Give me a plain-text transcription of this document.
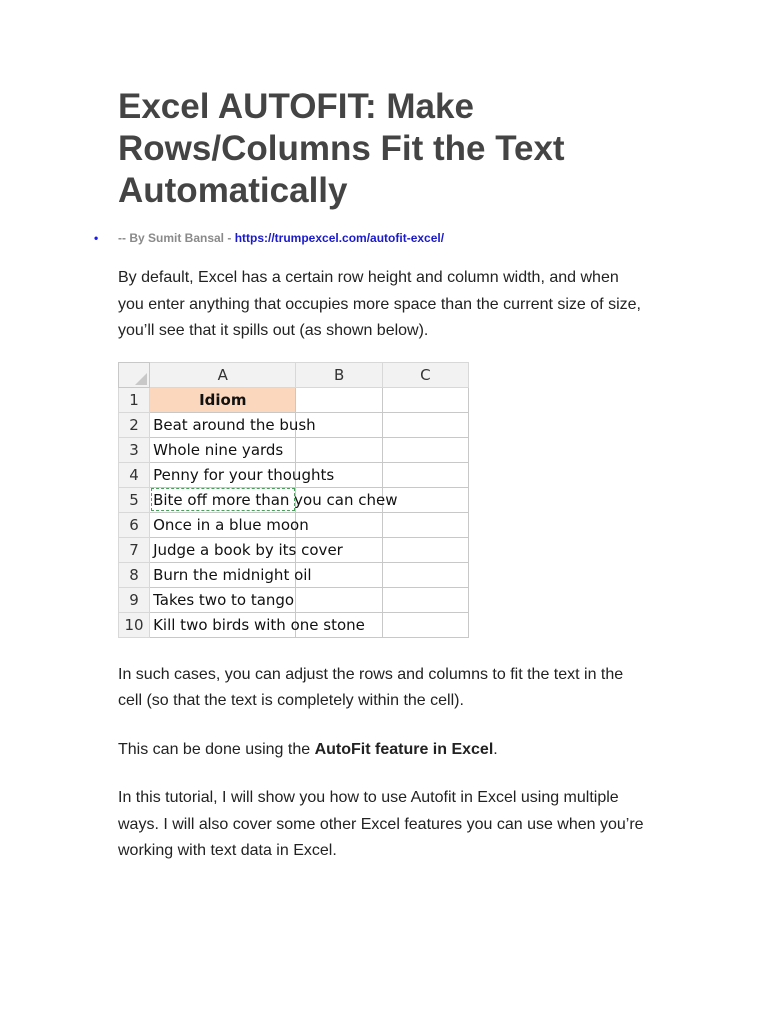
Excel AUTOFIT: Make Rows/Columns Fit the Text Automatically
• -- By Sumit Bansal - https://trumpexcel.com/autofit-excel/

By default, Excel has a certain row height and column width, and when you enter anything that occupies more space than the current size of size, you’ll see that it spills out (as shown below).

	A	B	C
1	Idiom		
2	Beat around the bush		
3	Whole nine yards		
4	Penny for your thoughts		
5	Bite off more than you can chew		
6	Once in a blue moon		
7	Judge a book by its cover		
8	Burn the midnight oil		
9	Takes two to tango		
10	Kill two birds with one stone		

In such cases, you can adjust the rows and columns to fit the text in the cell (so that the text is completely within the cell).

This can be done using the AutoFit feature in Excel.

In this tutorial, I will show you how to use Autofit in Excel using multiple ways. I will also cover some other Excel features you can use when you’re working with text data in Excel.
